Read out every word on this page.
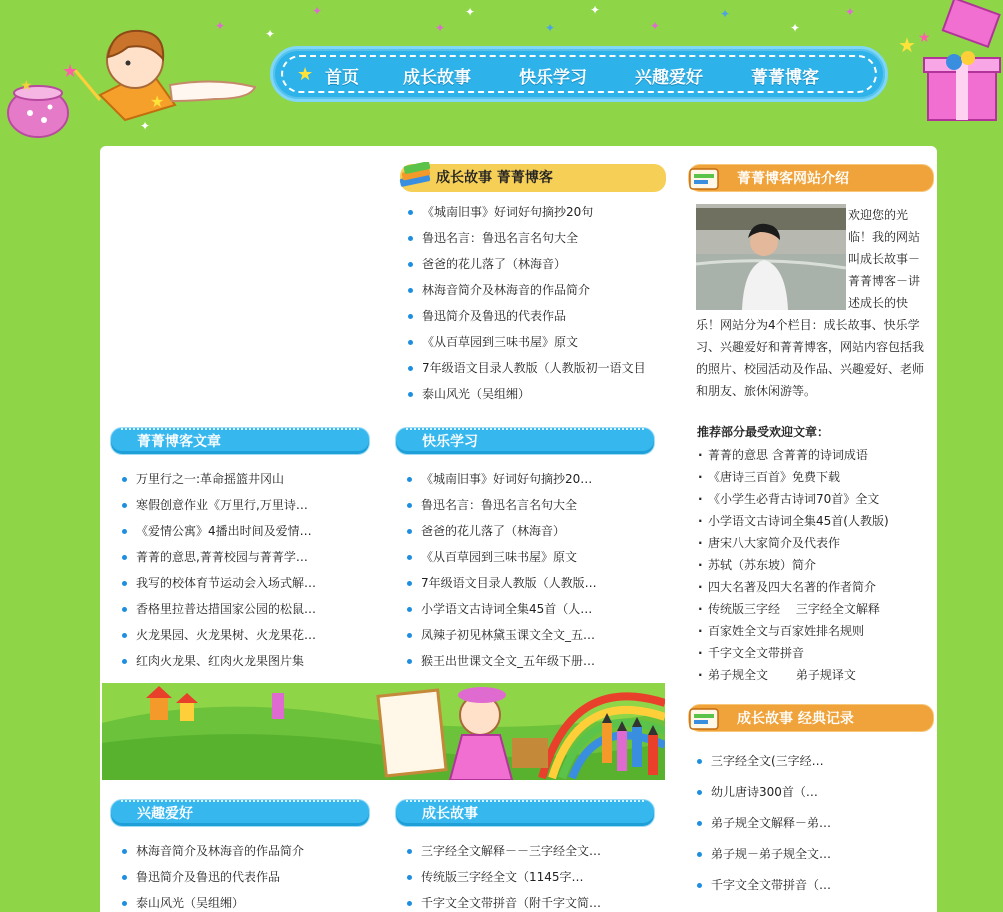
✦
✦
✦
✦
✦
✦
✦
✦
✦
✦
✦
✦
★
★
★
★ 首页	成长故事	快乐学习	兴趣爱好	菁菁博客
★ ★
成长故事 菁菁博客
《城南旧事》好词好句摘抄20句
鲁迅名言：鲁迅名言名句大全
爸爸的花儿落了（林海音）
林海音简介及林海音的作品简介
鲁迅简介及鲁迅的代表作品
《从百草园到三味书屋》原文
7年级语文目录人教版（人教版初一语文目
泰山风光（吴组缃）
菁菁博客文章
万里行之一:革命摇篮井冈山
寒假创意作业《万里行,万里诗…
《爱情公寓》4播出时间及爱情…
菁菁的意思,菁菁校园与菁菁学…
我写的校体育节运动会入场式解…
香格里拉普达措国家公园的松鼠…
火龙果园、火龙果树、火龙果花…
红肉火龙果、红肉火龙果图片集
快乐学习
《城南旧事》好词好句摘抄20…
鲁迅名言：鲁迅名言名句大全
爸爸的花儿落了（林海音）
《从百草园到三味书屋》原文
7年级语文目录人教版（人教版…
小学语文古诗词全集45首（人…
凤辣子初见林黛玉课文全文_五…
猴王出世课文全文_五年级下册…
兴趣爱好
林海音简介及林海音的作品简介
鲁迅简介及鲁迅的代表作品
泰山风光（吴组缃）
成长故事
三字经全文解释－－三字经全文…
传统版三字经全文（1145字…
千字文全文带拼音（附千字文简…
菁菁博客网站介绍
欢迎您的光临！我的网站叫成长故事－菁菁博客－讲述成长的快乐！网站分为4个栏目：成长故事、快乐学习、兴趣爱好和菁菁博客，网站内容包括我的照片、校园活动及作品、兴趣爱好、老师和朋友、旅休闲游等。
推荐部分最受欢迎文章：
· 菁菁的意思 含菁菁的诗词成语
· 《唐诗三百首》免费下载
· 《小学生必背古诗词70首》全文
· 小学语文古诗词全集45首(人教版)
· 唐宋八大家简介及代表作
· 苏轼（苏东坡）简介
· 四大名著及四大名著的作者简介
· 传统版三字经　 三字经全文解释
· 百家姓全文与百家姓排名规则
· 千字文全文带拼音
· 弟子规全文　　 弟子规译文
成长故事 经典记录
三字经全文(三字经…
幼儿唐诗300首（…
弟子规全文解释－弟…
弟子规－弟子规全文…
千字文全文带拼音（…
